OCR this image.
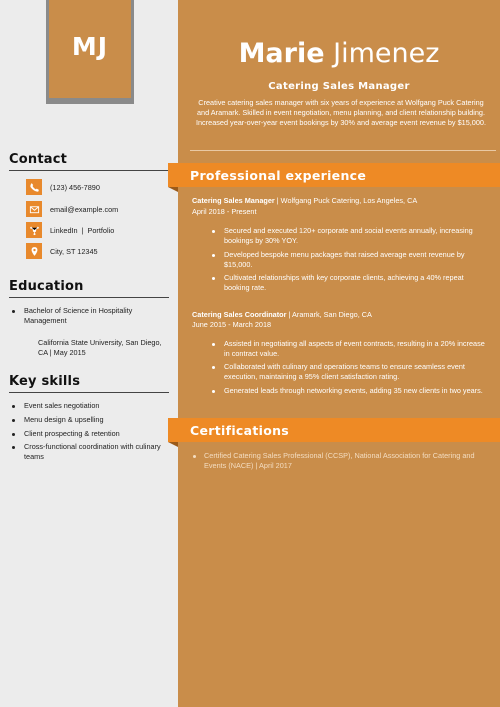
MJ
Contact
(123) 456-7890
email@example.com
LinkedIn | Portfolio
City, ST 12345
Education
Bachelor of Science in Hospitality Management
California State University, San Diego, CA | May 2015
Key skills
Event sales negotiation
Menu design & upselling
Client prospecting & retention
Cross-functional coordination with culinary teams
Marie Jimenez
Catering Sales Manager
Creative catering sales manager with six years of experience at Wolfgang Puck Catering and Aramark. Skilled in event negotiation, menu planning, and client relationship building. Increased year-over-year event bookings by 30% and average event revenue by $15,000.
Professional experience
Catering Sales Manager | Wolfgang Puck Catering, Los Angeles, CA
April 2018 - Present
Secured and executed 120+ corporate and social events annually, increasing bookings by 30% YOY.
Developed bespoke menu packages that raised average event revenue by $15,000.
Cultivated relationships with key corporate clients, achieving a 40% repeat booking rate.
Catering Sales Coordinator | Aramark, San Diego, CA
June 2015 - March 2018
Assisted in negotiating all aspects of event contracts, resulting in a 20% increase in contract value.
Collaborated with culinary and operations teams to ensure seamless event execution, maintaining a 95% client satisfaction rating.
Generated leads through networking events, adding 35 new clients in two years.
Certifications
Certified Catering Sales Professional (CCSP), National Association for Catering and Events (NACE) | April 2017
